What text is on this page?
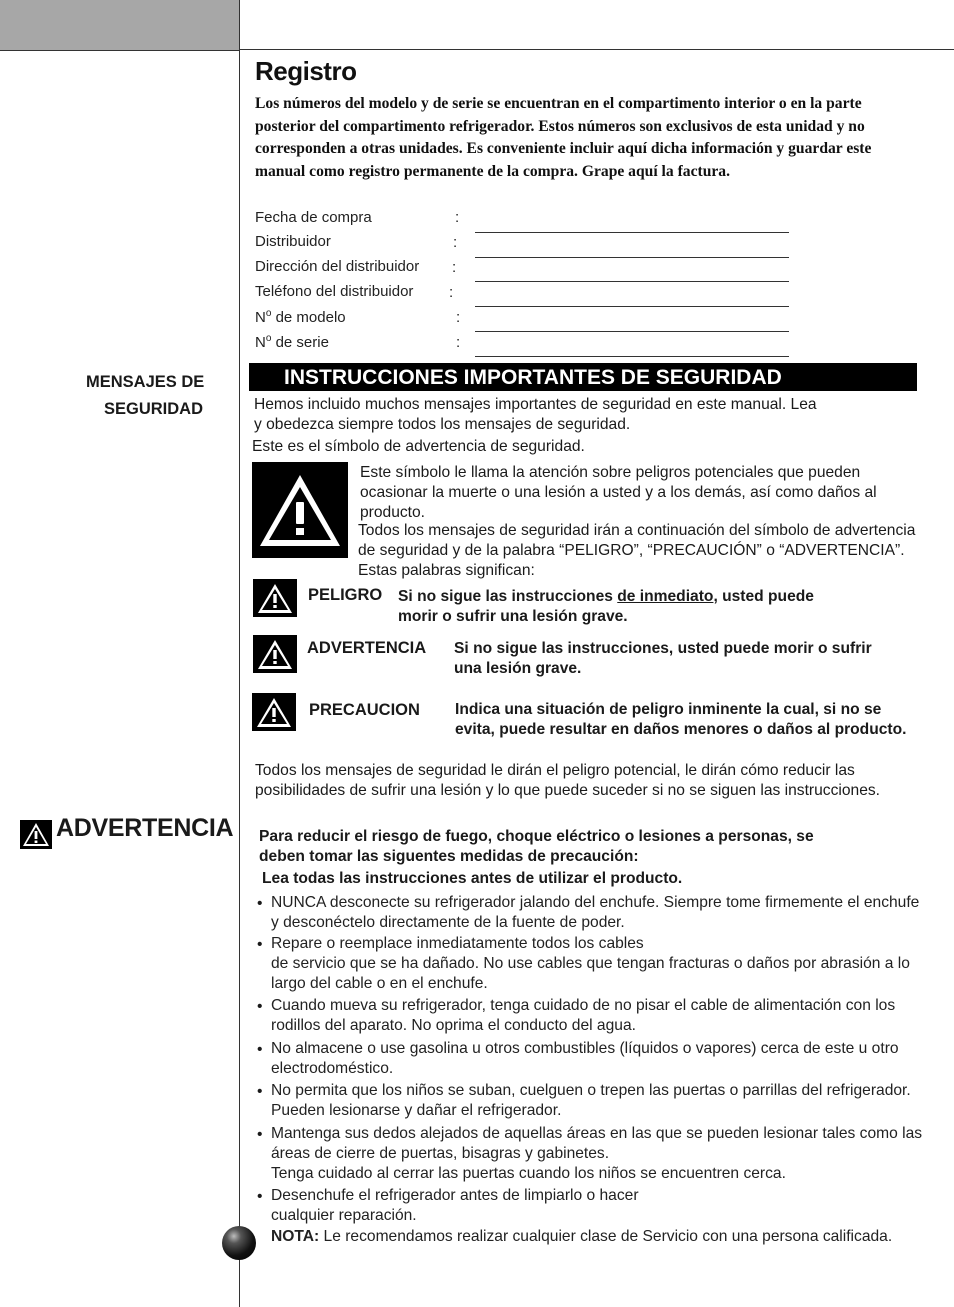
Registro
Los números del modelo y de serie se encuentran en el compartimento interior o en la parte posterior del compartimento refrigerador. Estos números son exclusivos de esta unidad y no corresponden a otras unidades. Es conveniente incluir aquí dicha información y guardar este manual como registro permanente de la compra. Grape aquí la factura.
Fecha de compra	:
Distribuidor	:
Dirección del distribuidor :
Teléfono del distribuidor :
$N^o$ de modelo	:
$N^o$ de serie	:
MENSAJES DE
SEGURIDAD
ADVERTENCIA
INSTRUCCIONES IMPORTANTES DE SEGURIDAD
Hemos incluido muchos mensajes importantes de seguridad en este manual. Lea
y obedezca siempre todos los mensajes de seguridad.
Este es el símbolo de advertencia de seguridad.
Este símbolo le llama la atención sobre peligros potenciales que pueden ocasionar la muerte o una lesión a usted y a los demás, así como daños al producto.
Todos los mensajes de seguridad irán a continuación del símbolo de advertencia de seguridad y de la palabra “PELIGRO”, “PRECAUCIÓN” o “ADVERTENCIA”. Estas palabras significan:
PELIGRO Si no sigue las instrucciones de inmediato, usted puede
morir o sufrir una lesión grave.
ADVERTENCIA Si no sigue las instrucciones, usted puede morir o sufrir una lesión grave.
PRECAUCION Indica una situación de peligro inminente la cual, si no se evita, puede resultar en daños menores o daños al producto.
Todos los mensajes de seguridad le dirán el peligro potencial, le dirán cómo reducir las posibilidades de sufrir una lesión y lo que puede suceder si no se siguen las instrucciones.
Para reducir el riesgo de fuego, choque eléctrico o lesiones a personas, se
deben tomar las siguentes medidas de precaución:
Lea todas las instrucciones antes de utilizar el producto.
• NUNCA desconecte su refrigerador jalando del enchufe. Siempre tome firmemente el enchufe y desconéctelo directamente de la fuente de poder.
• Repare o reemplace inmediatamente todos los cables
de servicio que se ha dañado. No use cables que tengan fracturas o daños por abrasión a lo largo del cable o en el enchufe.
• Cuando mueva su refrigerador, tenga cuidado de no pisar el cable de alimentación con los rodillos del aparato. No oprima el conducto del agua.
• No almacene o use gasolina u otros combustibles (líquidos o vapores) cerca de este u otro electrodoméstico.
• No permita que los niños se suban, cuelguen o trepen las puertas o parrillas del refrigerador. Pueden lesionarse y dañar el refrigerador.
• Mantenga sus dedos alejados de aquellas áreas en las que se pueden lesionar tales como las áreas de cierre de puertas, bisagras y gabinetes.
Tenga cuidado al cerrar las puertas cuando los niños se encuentren cerca.
• Desenchufe el refrigerador antes de limpiarlo o hacer
cualquier reparación.
NOTA: Le recomendamos realizar cualquier clase de Servicio con una persona calificada.
